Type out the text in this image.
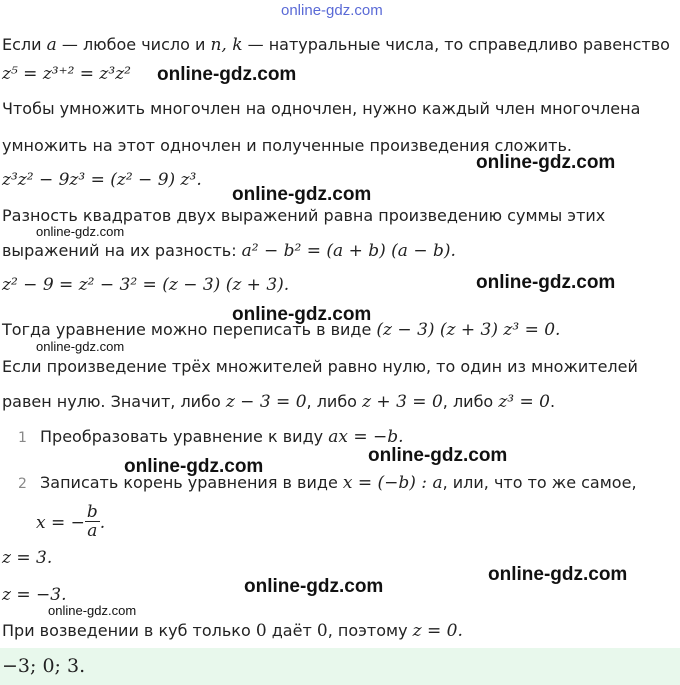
online-gdz.com
Если a — любое число и n, k — натуральные числа, то справедливо равенство
z⁵ = z³⁺² = z³z² online-gdz.com
Чтобы умножить многочлен на одночлен, нужно каждый член многочлена
умножить на этот одночлен и полученные произведения сложить.
online-gdz.com
z³z² − 9z³ = (z² − 9) z³.
online-gdz.com
Разность квадратов двух выражений равна произведению суммы этих
online-gdz.com
выражений на их разность: a² − b² = (a + b) (a − b).
z² − 9 = z² − 3² = (z − 3) (z + 3).	online-gdz.com
online-gdz.com
Тогда уравнение можно переписать в виде (z − 3) (z + 3) z³ = 0.
online-gdz.com
Если произведение трёх множителей равно нулю, то один из множителей
равен нулю. Значит, либо z − 3 = 0, либо z + 3 = 0, либо z³ = 0.
1 Преобразовать уравнение к виду ax = −b.
online-gdz.com
online-gdz.com
2 Записать корень уравнения в виде x = (−b) : a, или, что то же самое,
x = − $\frac{b}{a}$ .
z = 3.
online-gdz.com
online-gdz.com
z = −3.
online-gdz.com
При возведении в куб только 0 даёт 0, поэтому z = 0.
−3; 0; 3.
